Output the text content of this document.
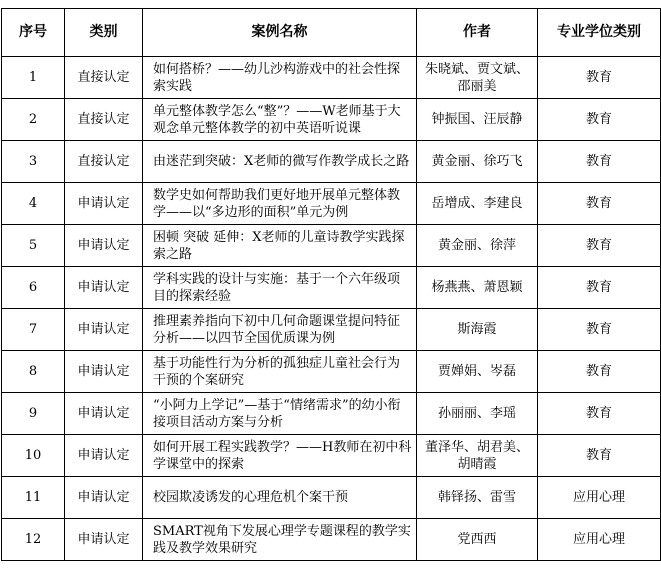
序号	类别	案例名称	作者	专业学位类别
1	直接认定	如何搭桥？——幼儿沙构游戏中的社会性探索实践	朱晓斌、贾文斌、邵丽美	教育
2	直接认定	单元整体教学怎么“整”？——W老师基于大观念单元整体教学的初中英语听说课	钟振国、汪辰静	教育
3	直接认定	由迷茫到突破：X老师的微写作教学成长之路	黄金丽、徐巧飞	教育
4	申请认定	数学史如何帮助我们更好地开展单元整体教学——以“多边形的面积”单元为例	岳增成、李建良	教育
5	申请认定	困顿 突破 延伸：X老师的儿童诗教学实践探索之路	黄金丽、徐萍	教育
6	申请认定	学科实践的设计与实施：基于一个六年级项目的探索经验	杨燕燕、萧恩颖	教育
7	申请认定	推理素养指向下初中几何命题课堂提问特征分析——以四节全国优质课为例	斯海霞	教育
8	申请认定	基于功能性行为分析的孤独症儿童社会行为干预的个案研究	贾婵娟、岑磊	教育
9	申请认定	“小阿力上学记”—基于“情绪需求”的幼小衔接项目活动方案与分析	孙丽丽、李瑶	教育
10	申请认定	如何开展工程实践教学？——H教师在初中科学课堂中的探索	董泽华、胡君美、胡晴霞	教育
11	申请认定	校园欺凌诱发的心理危机个案干预	韩铎扬、雷雪	应用心理
12	申请认定	SMART视角下发展心理学专题课程的教学实践及教学效果研究	党西西	应用心理
